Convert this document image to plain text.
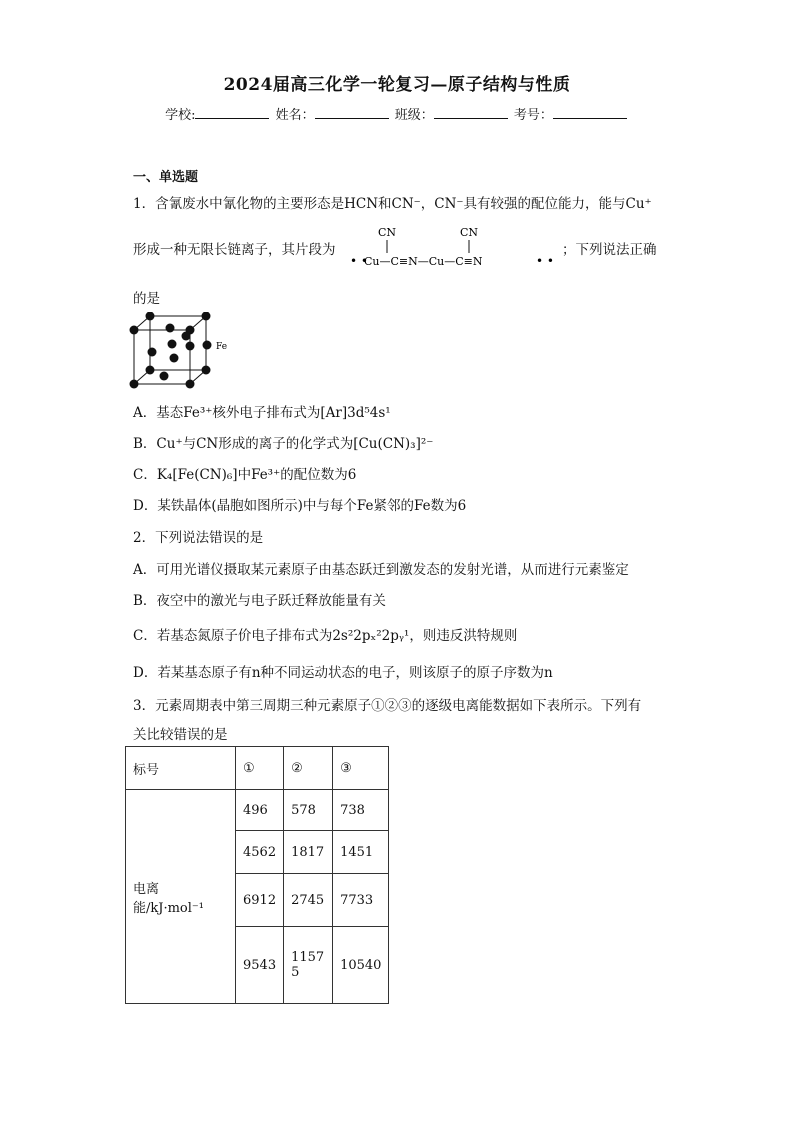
2024届高三化学一轮复习—原子结构与性质
学校:	姓名：	班级：	考号：
一、单选题
1．含氰废水中氰化物的主要形态是HCN和CN⁻，CN⁻具有较强的配位能力，能与Cu⁺
形成一种无限长链离子，其片段为
CN	CN
• •
Cu—C≡N—Cu—C≡N	• •
；下列说法正确
的是
Fe
A．基态Fe³⁺核外电子排布式为[Ar]3d⁵4s¹
B．Cu⁺与CN形成的离子的化学式为[Cu(CN)₃]²⁻
C．K₄[Fe(CN)₆]中Fe³⁺的配位数为6
D．某铁晶体(晶胞如图所示)中与每个Fe紧邻的Fe数为6
2．下列说法错误的是
A．可用光谱仪摄取某元素原子由基态跃迁到激发态的发射光谱，从而进行元素鉴定
B．夜空中的激光与电子跃迁释放能量有关
C．若基态氮原子价电子排布式为2s²2pₓ²2pᵧ¹，则违反洪特规则
D．若某基态原子有n种不同运动状态的电子，则该原子的原子序数为n
3．元素周期表中第三周期三种元素原子①②③的逐级电离能数据如下表所示。下列有
关比较错误的是
标号	①	②	③
电离能/kJ·mol⁻¹	496	578	738
	4562	1817	1451
	6912	2745	7733
	9543	11575	10540
